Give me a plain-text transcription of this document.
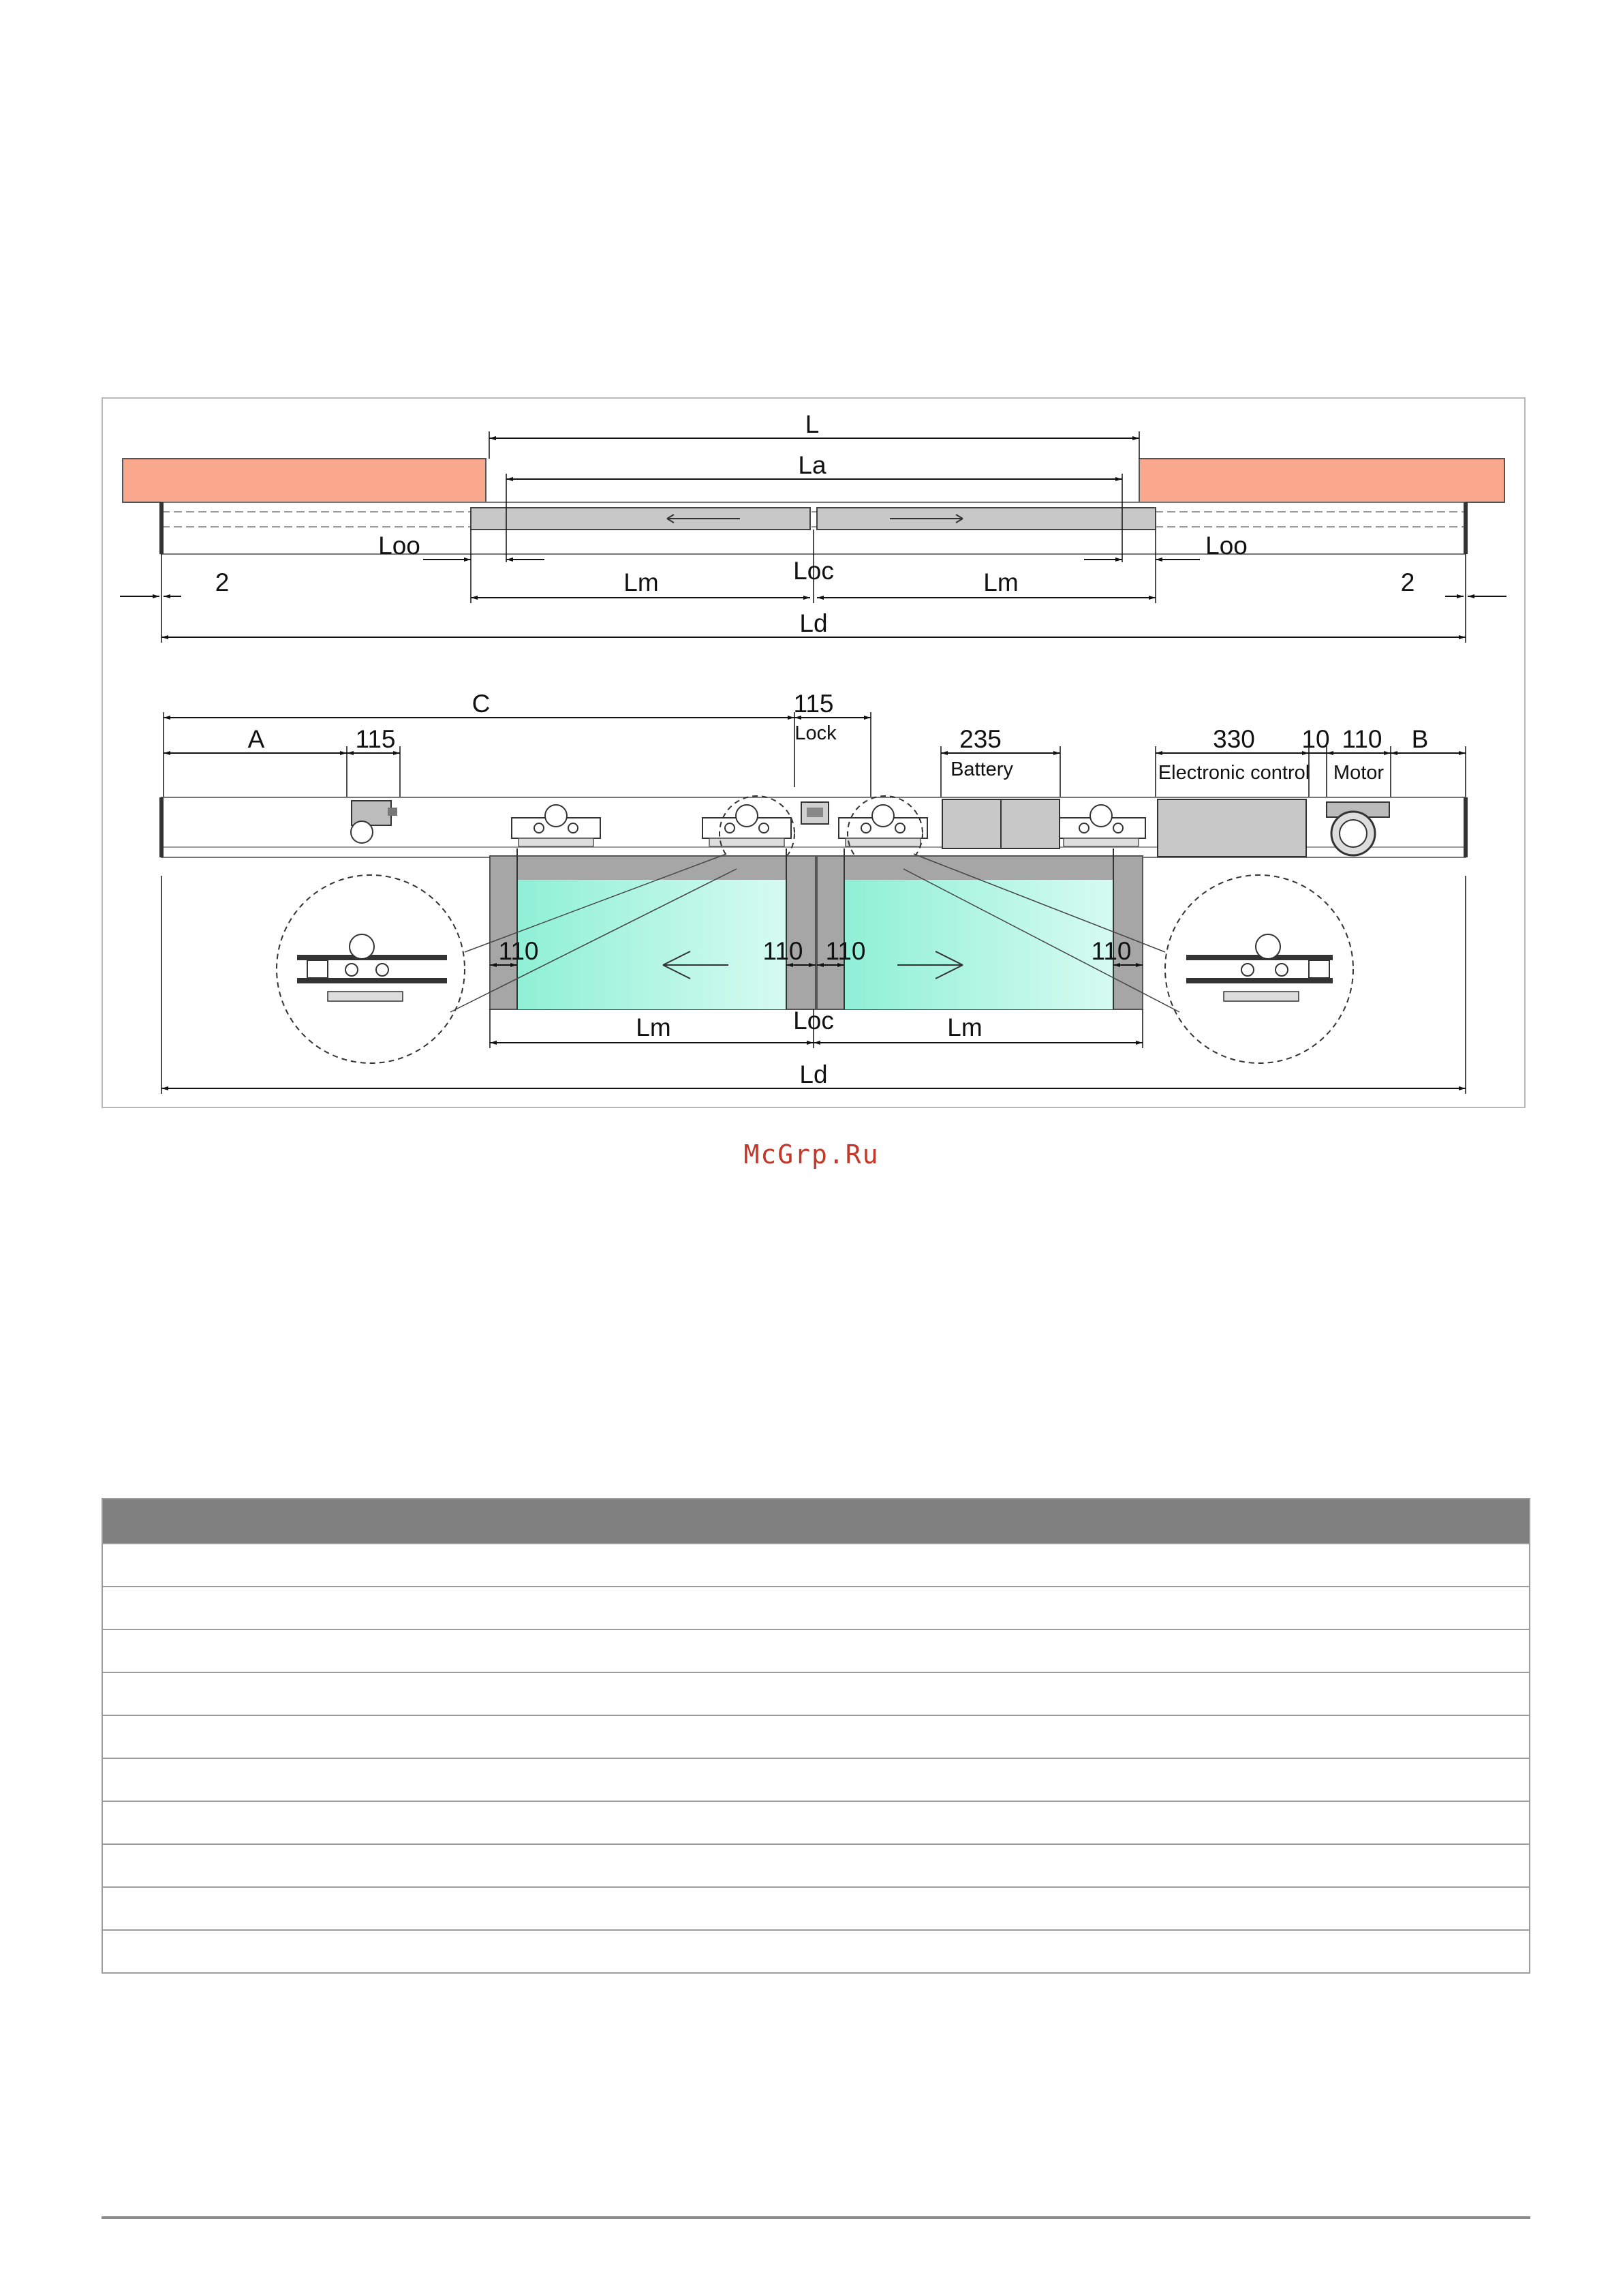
L
La
Loo	Loo
2	2
Lm	Lm
Loc
Ld
C
A	115
115
Lock	235
Battery
330
Electronic control
10 110
Motor
B
110	110 110	110
Lm	Lm
Loc
Ld
McGrp.Ru
